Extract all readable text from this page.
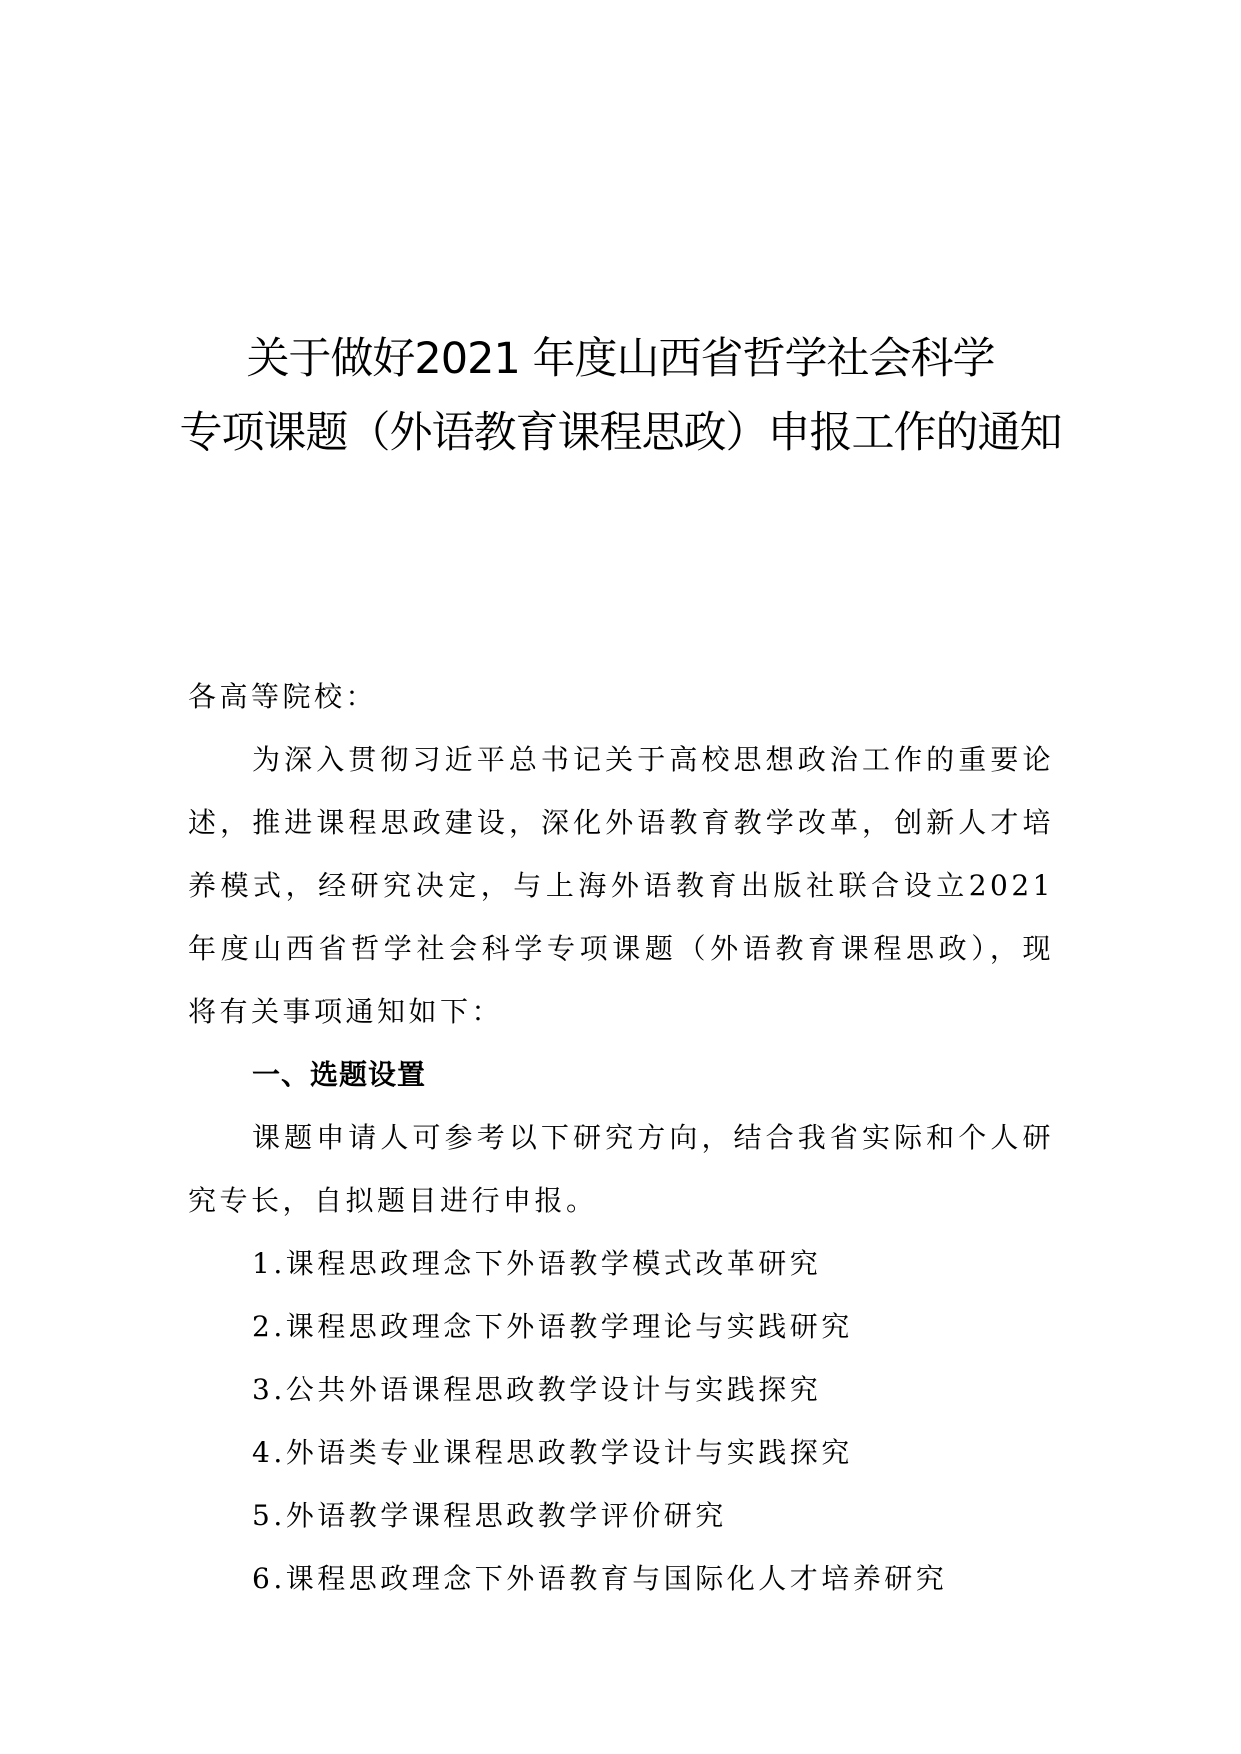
关于做好2021 年度山西省哲学社会科学
专项课题（外语教育课程思政）申报工作的通知
各高等院校：
为深入贯彻习近平总书记关于高校思想政治工作的重要论述，推进课程思政建设，深化外语教育教学改革，创新人才培养模式，经研究决定，与上海外语教育出版社联合设立2021年度山西省哲学社会科学专项课题（外语教育课程思政），现将有关事项通知如下：
一、选题设置
课题申请人可参考以下研究方向，结合我省实际和个人研究专长，自拟题目进行申报。
1.课程思政理念下外语教学模式改革研究
2.课程思政理念下外语教学理论与实践研究
3.公共外语课程思政教学设计与实践探究
4.外语类专业课程思政教学设计与实践探究
5.外语教学课程思政教学评价研究
6.课程思政理念下外语教育与国际化人才培养研究
